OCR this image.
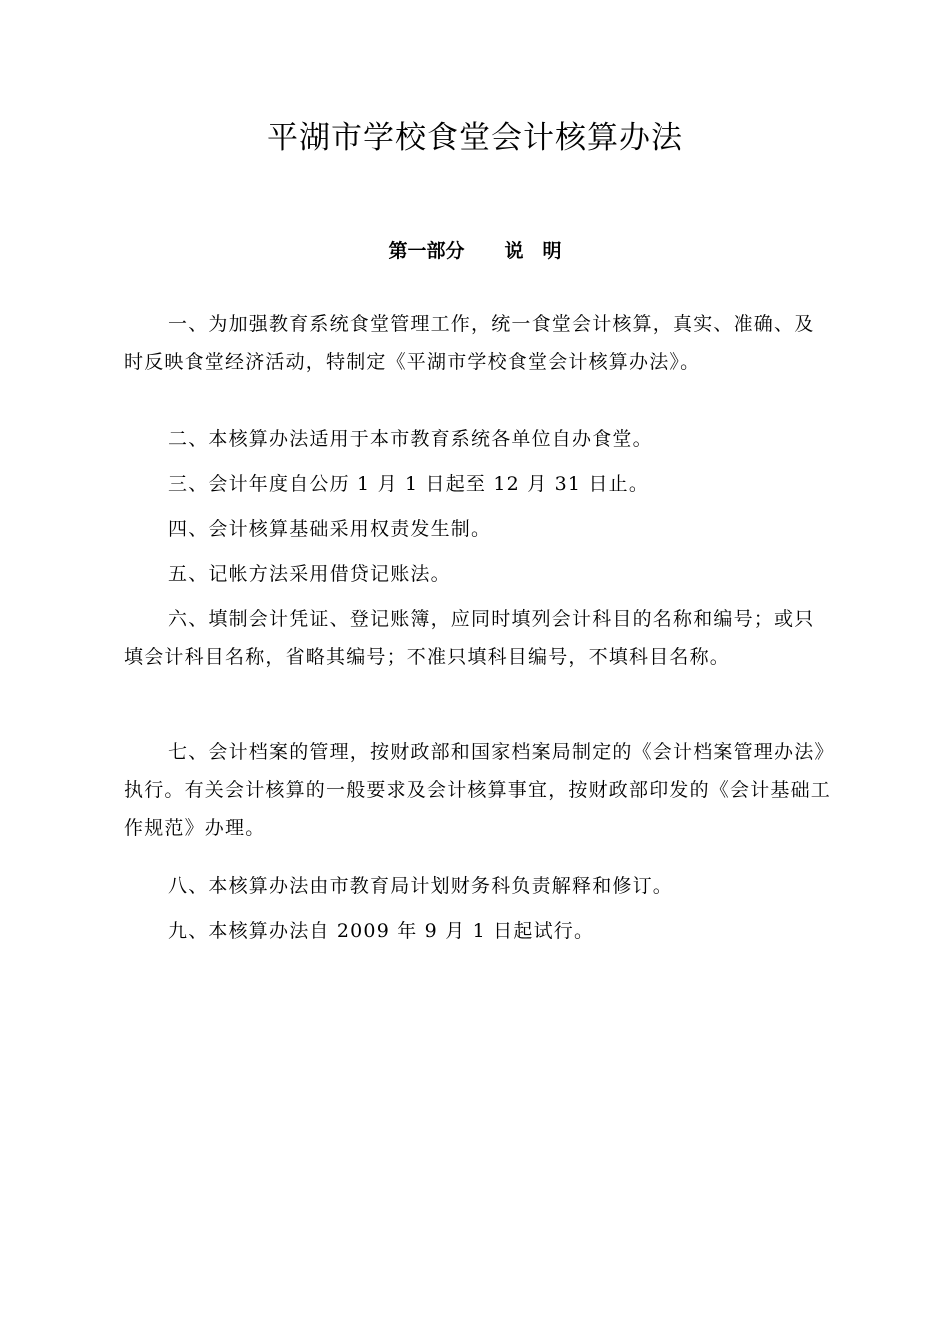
平湖市学校食堂会计核算办法
第一部分 说　明

一、为加强教育系统食堂管理工作，统一食堂会计核算，真实、准确、及时反映食堂经济活动，特制定《平湖市学校食堂会计核算办法》。

二、本核算办法适用于本市教育系统各单位自办食堂。

三、会计年度自公历 1 月 1 日起至 12 月 31 日止。

四、会计核算基础采用权责发生制。

五、记帐方法采用借贷记账法。

六、填制会计凭证、登记账簿，应同时填列会计科目的名称和编号；或只填会计科目名称，省略其编号；不准只填科目编号，不填科目名称。

七、会计档案的管理，按财政部和国家档案局制定的《会计档案管理办法》执行。有关会计核算的一般要求及会计核算事宜，按财政部印发的《会计基础工作规范》办理。

八、本核算办法由市教育局计划财务科负责解释和修订。

九、本核算办法自 2009 年 9 月 1 日起试行。
